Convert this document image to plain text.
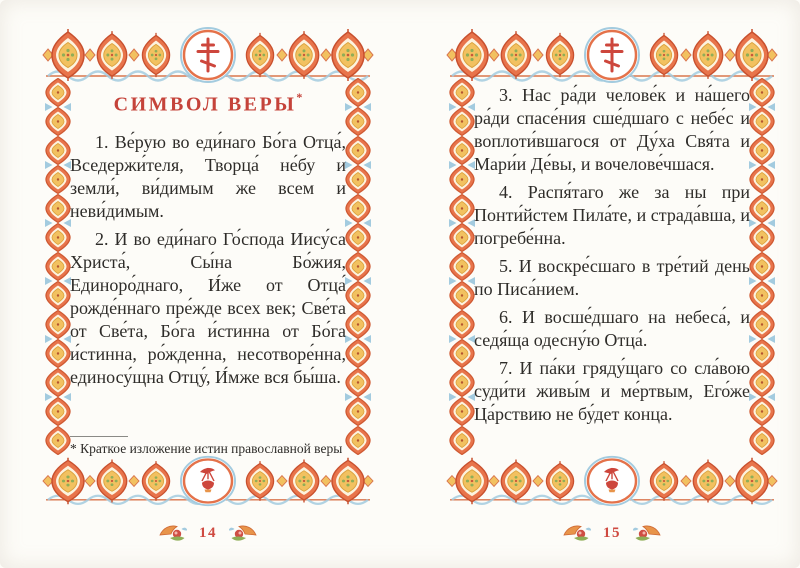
СИМВОЛ ВЕРЫ*

1. Ве́рую во еди́наго Бо́га Отца́, Вседержи́теля, Творца́ не́бу и земли́, ви́димым же всем и неви́димым.

2. И во еди́наго Го́спода Иису́са Христа́, Сы́на Бо́жия, Единоро́днаго, И́же от Отца́ рожде́ннаго пре́жде всех век; Све́та от Све́та, Бо́га и́стинна от Бо́га и́стинна, ро́жденна, несотворе́нна, единосу́щна Отцу́, И́мже вся бы́ша.

* Краткое изложение истин православной веры

14

3. Нас ра́ди челове́к и на́шего ра́ди спасе́ния сше́дшаго с небе́с и воплоти́вшагося от Ду́ха Свя́та и Мари́и Де́вы, и вочелове́чшася.

4. Распя́таго же за ны при Понти́йстем Пила́те, и страда́вша, и погребе́нна.

5. И воскре́сшаго в тре́тий день по Писа́нием.

6. И восше́дшаго на небеса́, и седя́ща одесну́ю Отца́.

7. И па́ки гряду́щаго со сла́вою суди́ти живы́м и ме́ртвым, Его́же Ца́рствию не бу́дет конца.

15
